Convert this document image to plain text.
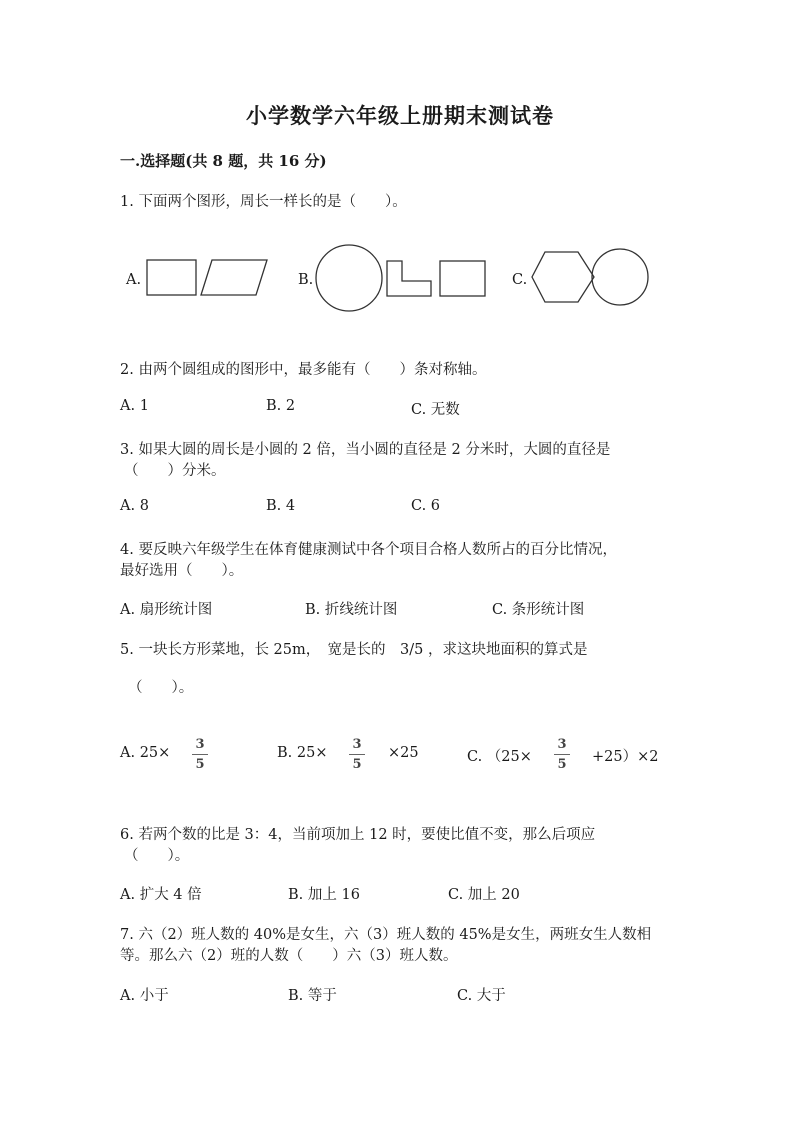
小学数学六年级上册期末测试卷
一.选择题(共 8 题，共 16 分)
1. 下面两个图形，周长一样长的是（　　）。
A.	B.	C.
2. 由两个圆组成的图形中，最多能有（　　）条对称轴。
A. 1	B. 2	C. 无数
3. 如果大圆的周长是小圆的 2 倍，当小圆的直径是 2 分米时，大圆的直径是
（　　）分米。
A. 8	B. 4	C. 6
4. 要反映六年级学生在体育健康测试中各个项目合格人数所占的百分比情况，
最好选用（　　）。
A. 扇形统计图	B. 折线统计图	C. 条形统计图
5. 一块长方形菜地，长 25m，　宽是长的　3/5 ，求这块地面积的算式是
（　　）。
A. 25×
3
5
B. 25×
3
5
×25	C. （25×
3
5 +25）×2
6. 若两个数的比是 3：4，当前项加上 12 时，要使比值不变，那么后项应
（　　）。
A. 扩大 4 倍	B. 加上 16	C. 加上 20
7. 六（2）班人数的 40%是女生，六（3）班人数的 45%是女生，两班女生人数相
等。那么六（2）班的人数（　　）六（3）班人数。
A. 小于	B. 等于	C. 大于
